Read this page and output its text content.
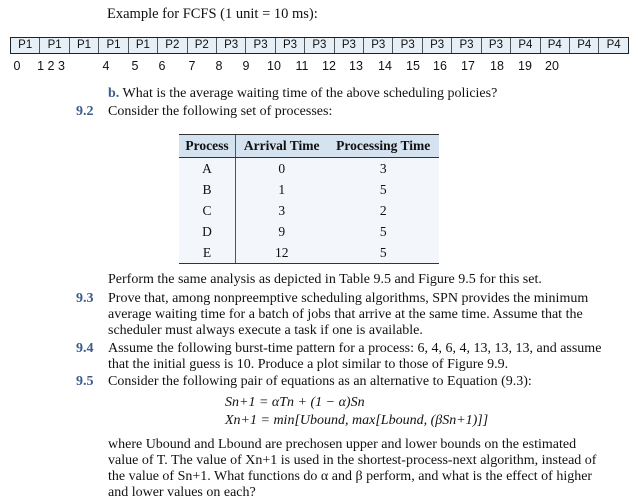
Example for FCFS (1 unit = 10 ms):
P1	P1	P1	P1	P1	P2	P2	P3	P3	P3	P3	P3	P3	P3	P3	P3	P3	P4	P4	P4	P4
0 1 2 3	4 5 6 7 8 9 10 11 12 13 14 15 16 17 18 19 20
b. What is the average waiting time of the above scheduling policies?
9.2 Consider the following set of processes:
Process	Arrival Time	Processing Time
A	0	3
B	1	5
C	3	2
D	9	5
E	12	5
Perform the same analysis as depicted in Table 9.5 and Figure 9.5 for this set.
9.3 Prove that, among nonpreemptive scheduling algorithms, SPN provides the minimum
average waiting time for a batch of jobs that arrive at the same time. Assume that the
scheduler must always execute a task if one is available.
9.4 Assume the following burst-time pattern for a process: 6, 4, 6, 4, 13, 13, 13, and assume
that the initial guess is 10. Produce a plot similar to those of Figure 9.9.
9.5 Consider the following pair of equations as an alternative to Equation (9.3):
Sn+1 = αTn + (1 − α)Sn
Xn+1 = min[Ubound, max[Lbound, (βSn+1)]]
where Ubound and Lbound are prechosen upper and lower bounds on the estimated
value of T. The value of Xn+1 is used in the shortest-process-next algorithm, instead of
the value of Sn+1. What functions do α and β perform, and what is the effect of higher
and lower values on each?
